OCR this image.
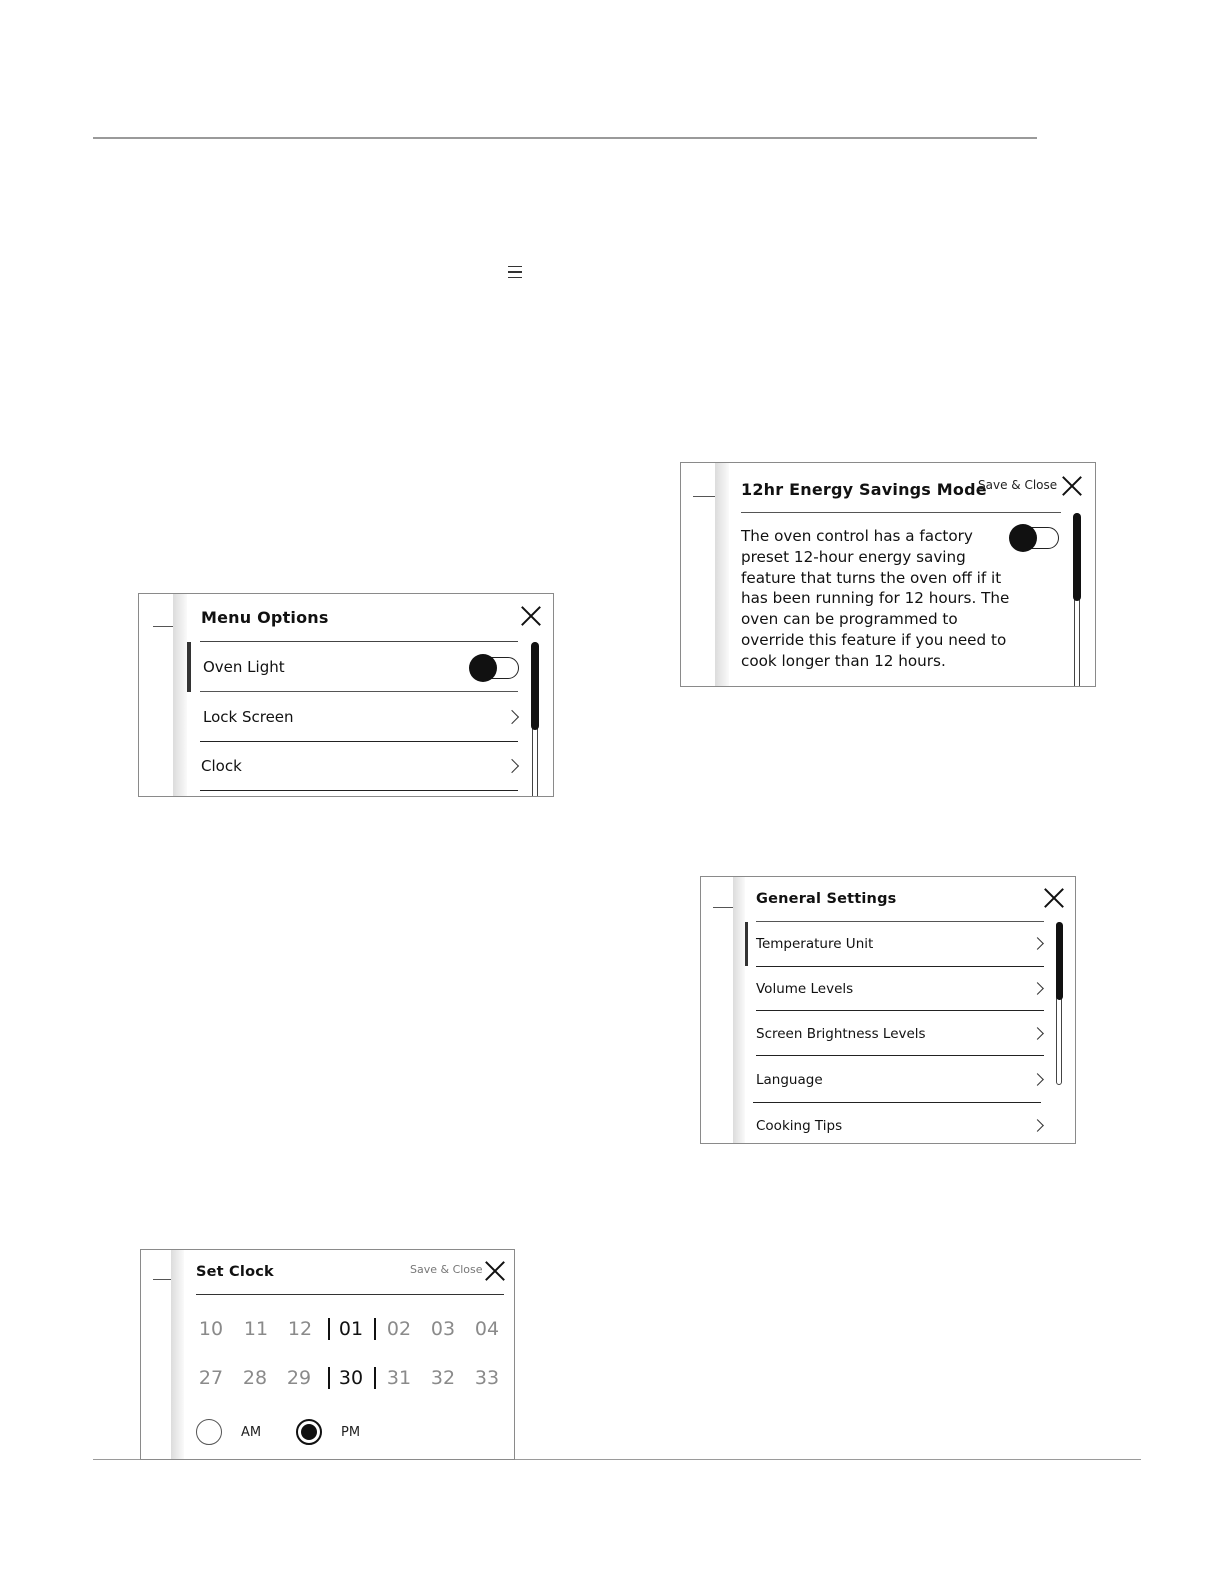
Menu Options
Oven Light
Lock Screen
Clock
12hr Energy Savings Mode
Save & Close
The oven control has a factory
preset 12-hour energy saving
feature that turns the oven off if it
has been running for 12 hours. The
oven can be programmed to
override this feature if you need to
cook longer than 12 hours.
General Settings
Temperature Unit
Volume Levels
Screen Brightness Levels
Language
Cooking Tips
Set Clock	Save & Close
10	11	12	01	02	03	04
27	28	29	30	31	32	33
AM	PM
